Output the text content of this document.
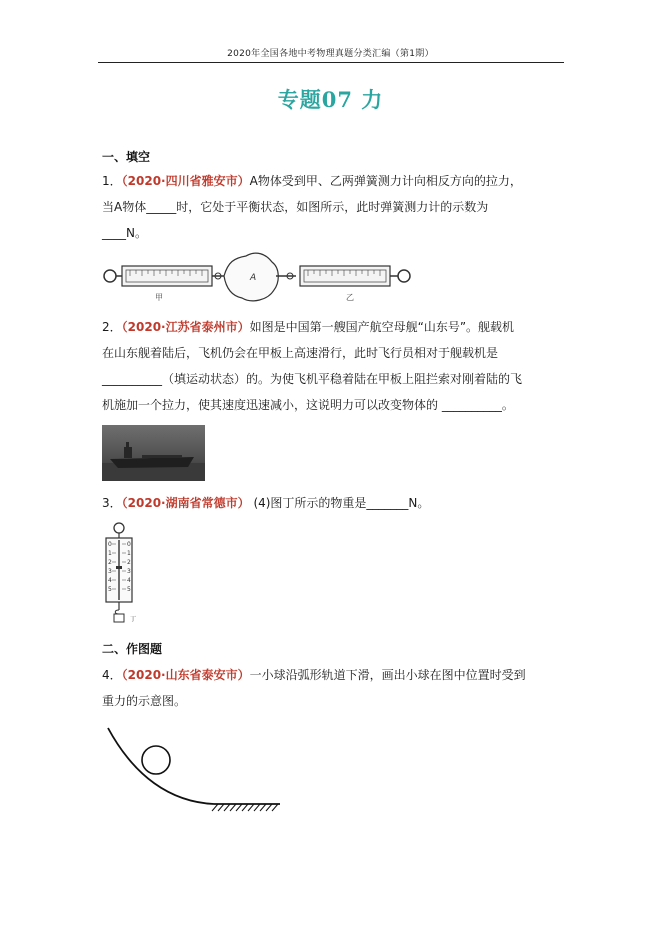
2020年全国各地中考物理真题分类汇编（第1期）
专题07 力
一、填空

1．（2020·四川省雅安市）A物体受到甲、乙两弹簧测力计向相反方向的拉力，

当A物体_____时，它处于平衡状态，如图所示，此时弹簧测力计的示数为

____N。

甲
A
乙

2．（2020·江苏省泰州市）如图是中国第一艘国产航空母舰“山东号”。舰载机

在山东舰着陆后，飞机仍会在甲板上高速滑行，此时飞行员相对于舰载机是

__________（填运动状态）的。为使飞机平稳着陆在甲板上阻拦索对刚着陆的飞

机施加一个拉力，使其速度迅速减小，这说明力可以改变物体的 __________。

3．（2020·湖南省常德市） (4)图丁所示的物重是_______N。

0
1
2
3
4
5
0
1
2
3
4
5
丁
二、作图题

4．（2020·山东省泰安市）一小球沿弧形轨道下滑，画出小球在图中位置时受到

重力的示意图。
